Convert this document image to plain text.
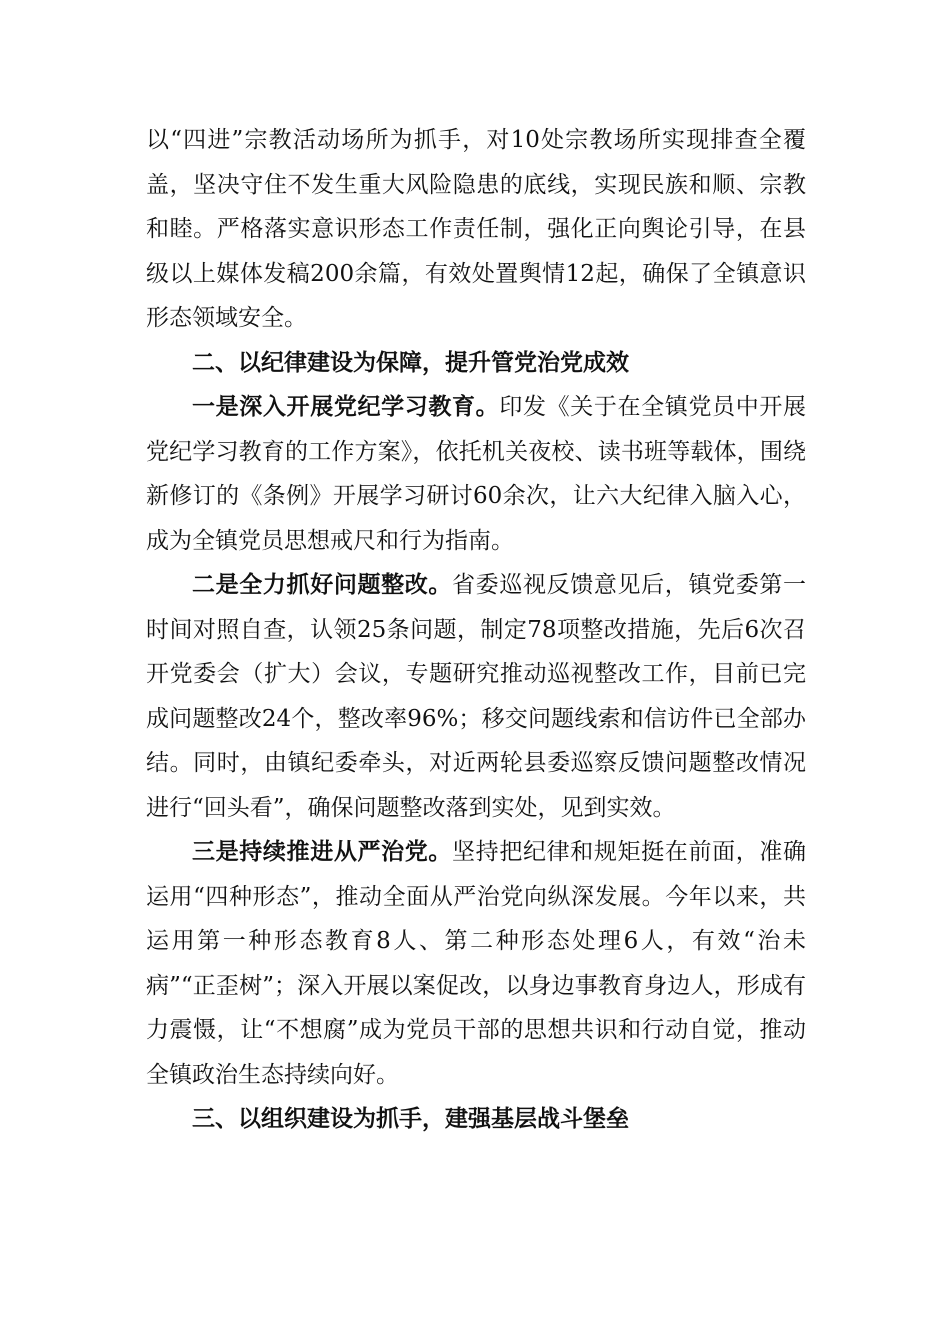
以“四进”宗教活动场所为抓手，对10处宗教场所实现排查全覆盖，坚决守住不发生重大风险隐患的底线，实现民族和顺、宗教和睦。严格落实意识形态工作责任制，强化正向舆论引导，在县级以上媒体发稿200余篇，有效处置舆情12起，确保了全镇意识形态领域安全。

二、以纪律建设为保障，提升管党治党成效

一是深入开展党纪学习教育。印发《关于在全镇党员中开展党纪学习教育的工作方案》，依托机关夜校、读书班等载体，围绕新修订的《条例》开展学习研讨60余次，让六大纪律入脑入心，成为全镇党员思想戒尺和行为指南。

二是全力抓好问题整改。省委巡视反馈意见后，镇党委第一时间对照自查，认领25条问题，制定78项整改措施，先后6次召开党委会（扩大）会议，专题研究推动巡视整改工作，目前已完成问题整改24个，整改率96%；移交问题线索和信访件已全部办结。同时，由镇纪委牵头，对近两轮县委巡察反馈问题整改情况进行“回头看”，确保问题整改落到实处，见到实效。

三是持续推进从严治党。坚持把纪律和规矩挺在前面，准确运用“四种形态”，推动全面从严治党向纵深发展。今年以来，共运用第一种形态教育8人、第二种形态处理6人，有效“治未病”“正歪树”；深入开展以案促改，以身边事教育身边人，形成有力震慑，让“不想腐”成为党员干部的思想共识和行动自觉，推动全镇政治生态持续向好。

三、以组织建设为抓手，建强基层战斗堡垒
